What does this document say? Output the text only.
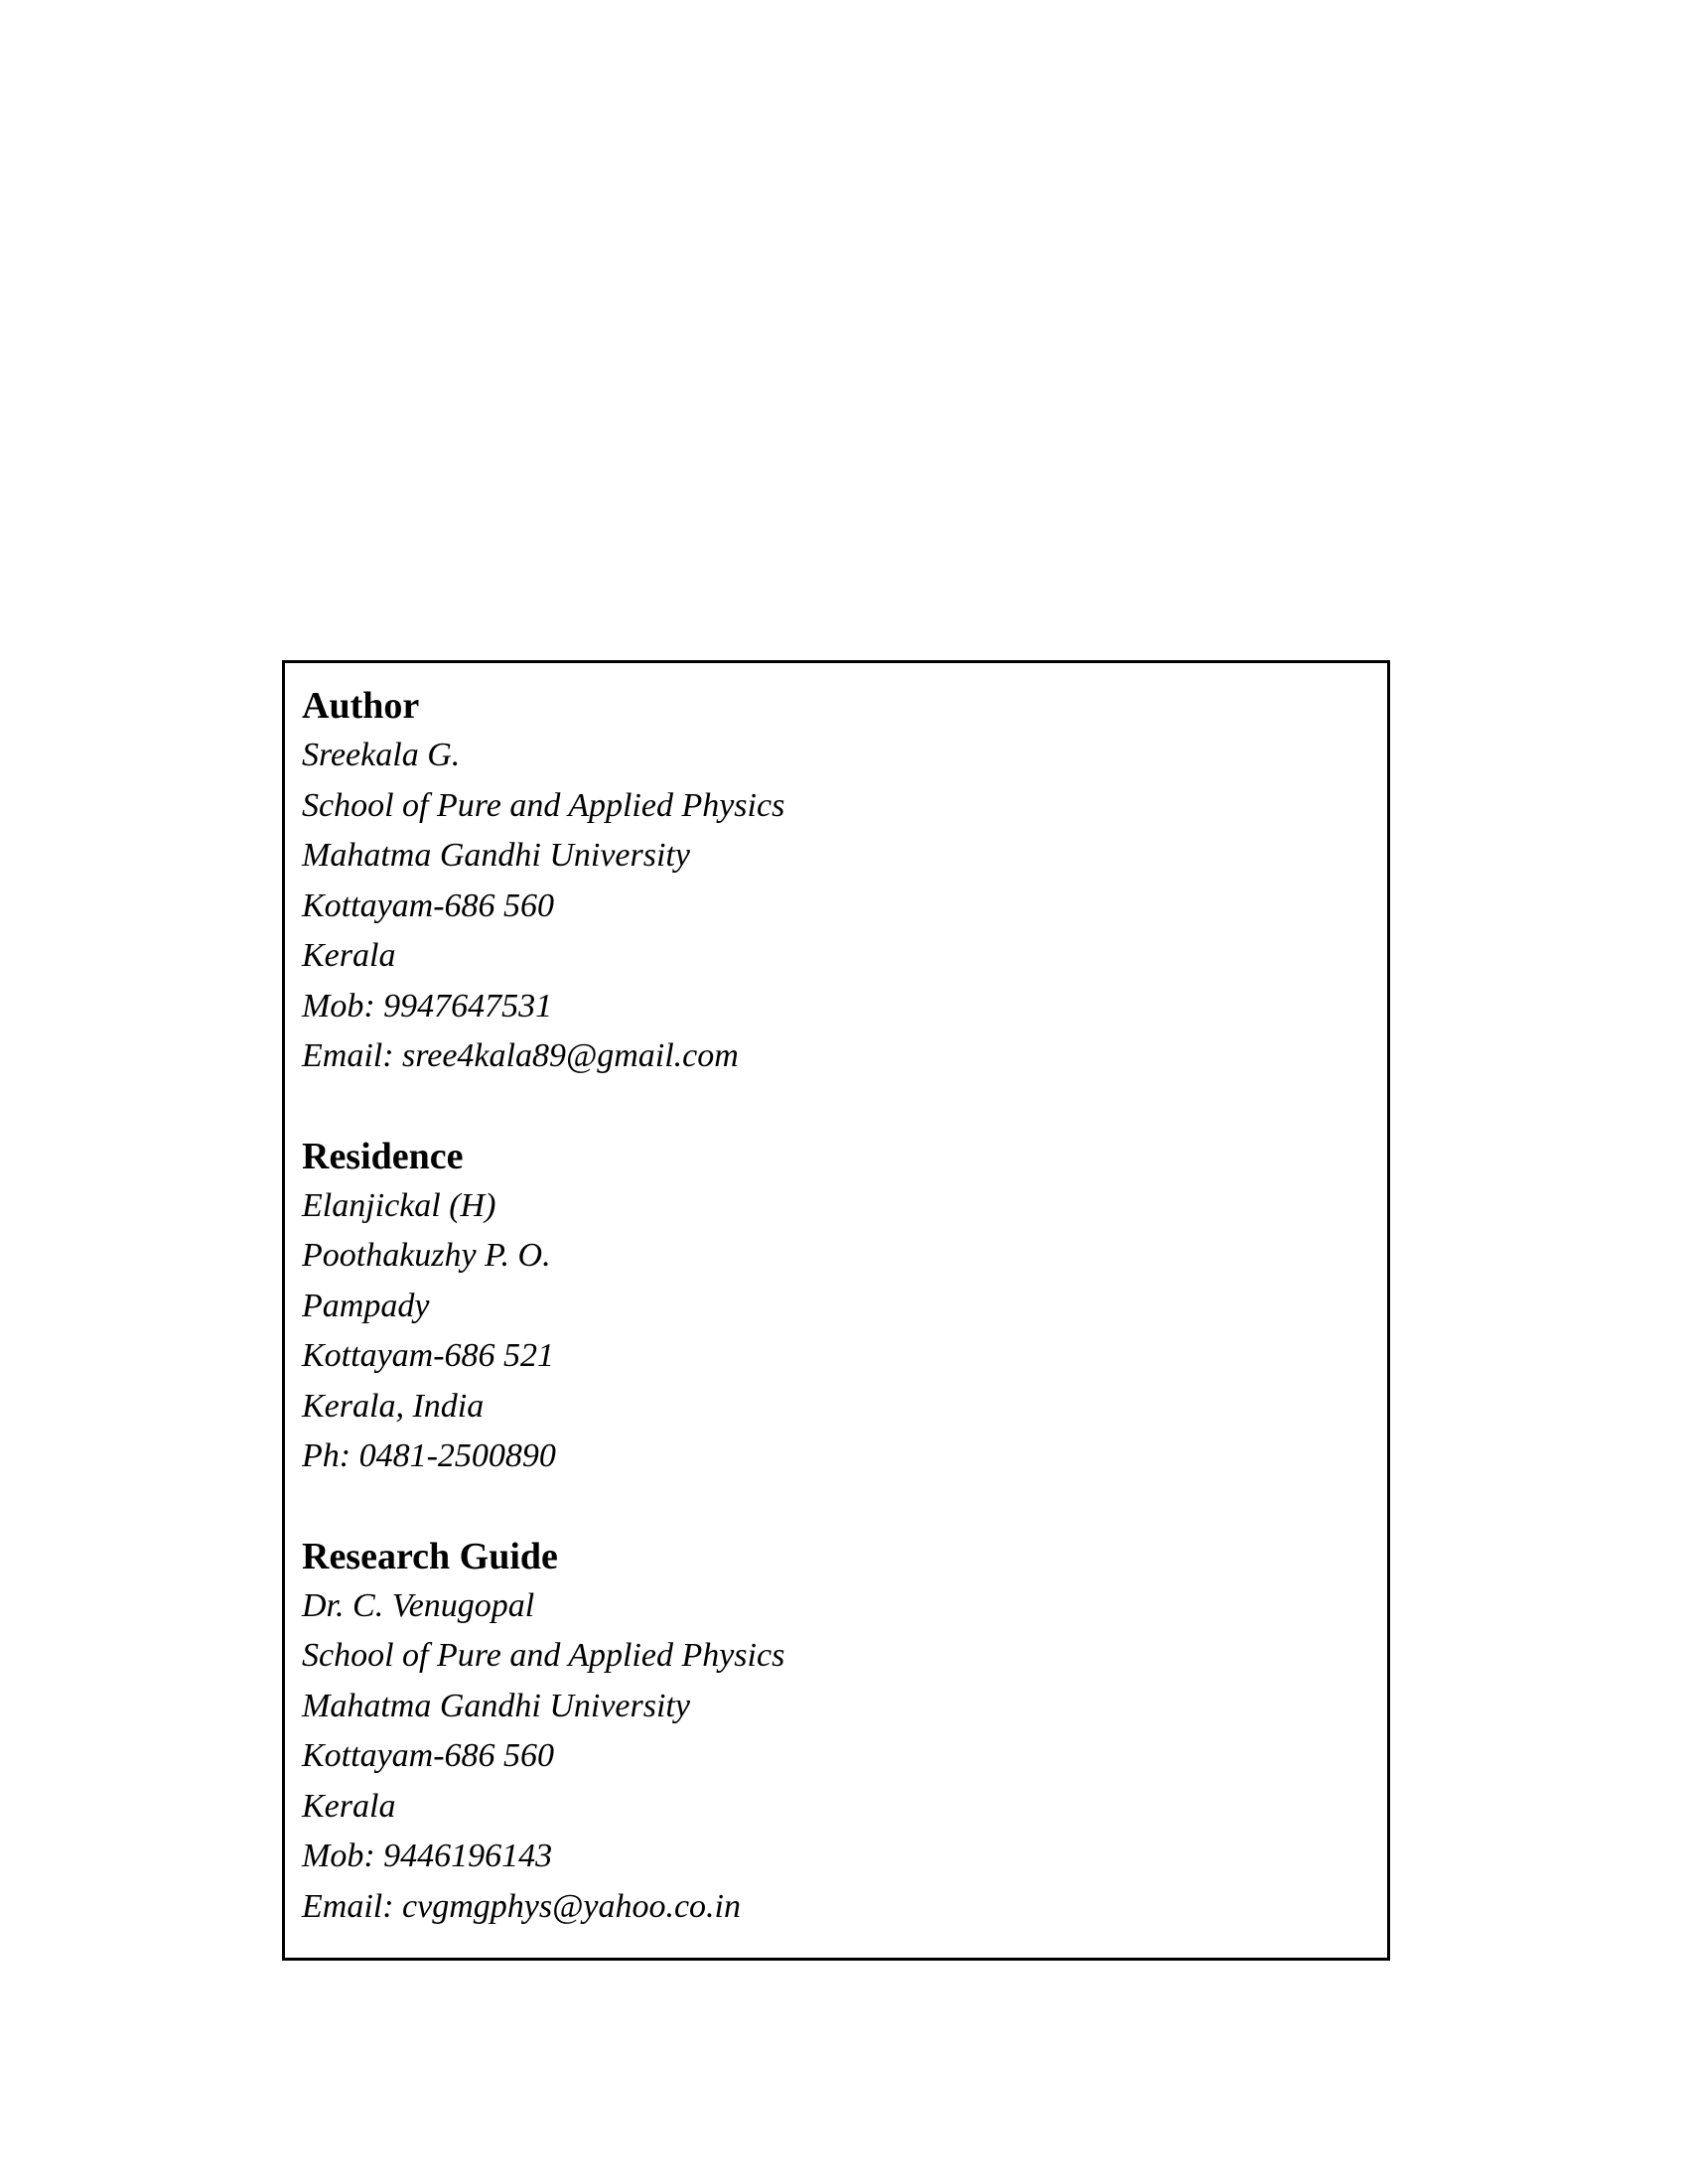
Author
Sreekala G.
School of Pure and Applied Physics
Mahatma Gandhi University
Kottayam-686 560
Kerala
Mob: 9947647531
Email: sree4kala89@gmail.com
Residence
Elanjickal (H)
Poothakuzhy P. O.
Pampady
Kottayam-686 521
Kerala, India
Ph: 0481-2500890
Research Guide
Dr. C. Venugopal
School of Pure and Applied Physics
Mahatma Gandhi University
Kottayam-686 560
Kerala
Mob: 9446196143
Email: cvgmgphys@yahoo.co.in
